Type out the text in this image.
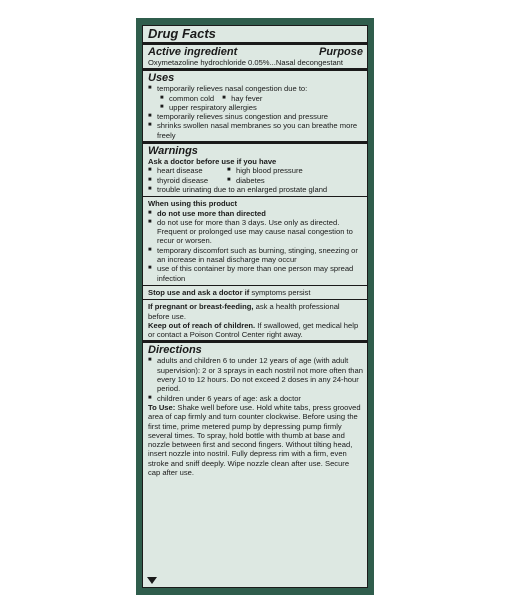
Drug Facts
Active ingredient	Purpose
Oxymetazoline hydrochloride 0.05%...Nasal decongestant
Uses
■ temporarily relieves nasal congestion due to:
■ common cold	■ hay fever
■ upper respiratory allergies
■ temporarily relieves sinus congestion and pressure
■ shrinks swollen nasal membranes so you can breathe more freely
Warnings
Ask a doctor before use if you have
■ heart disease	■ high blood pressure
■ thyroid disease	■ diabetes
■ trouble urinating due to an enlarged prostate gland
When using this product
■ do not use more than directed
■ do not use for more than 3 days. Use only as directed. Frequent or prolonged use may cause nasal congestion to recur or worsen.
■ temporary discomfort such as burning, stinging, sneezing or an increase in nasal discharge may occur
■ use of this container by more than one person may spread infection
Stop use and ask a doctor if symptoms persist
If pregnant or breast-feeding, ask a health professional before use.
Keep out of reach of children. If swallowed, get medical help or contact a Poison Control Center right away.
Directions
■ adults and children 6 to under 12 years of age (with adult supervision): 2 or 3 sprays in each nostril not more often than every 10 to 12 hours. Do not exceed 2 doses in any 24-hour period.
■ children under 6 years of age: ask a doctor
To Use: Shake well before use. Hold white tabs, press grooved area of cap firmly and turn counter clockwise. Before using the first time, prime metered pump by depressing pump firmly several times. To spray, hold bottle with thumb at base and nozzle between first and second fingers. Without tilting head, insert nozzle into nostril. Fully depress rim with a firm, even stroke and sniff deeply. Wipe nozzle clean after use. Secure cap after use.
